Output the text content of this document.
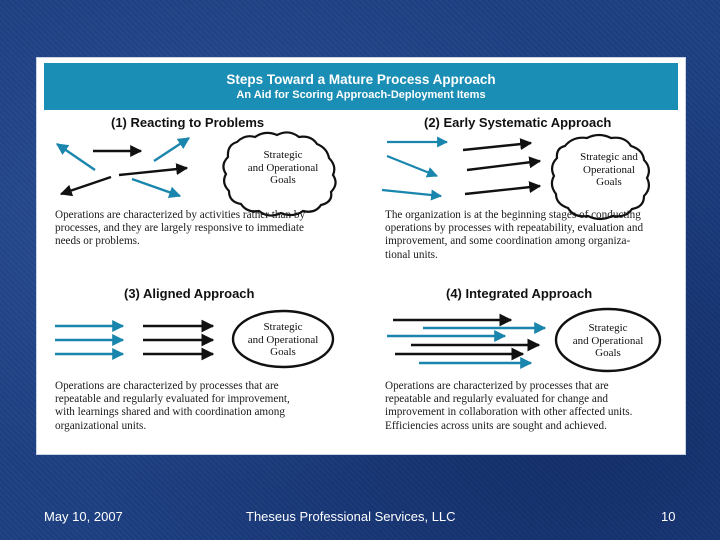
Steps Toward a Mature Process Approach
An Aid for Scoring Approach-Deployment Items
(1) Reacting to Problems
Strategic
and Operational
Goals
Operations are characterized by activities rather than by
processes, and they are largely responsive to immediate
needs or problems.
(2) Early Systematic Approach
Strategic and
Operational
Goals
The organization is at the beginning stages of conducting
operations by processes with repeatability, evaluation and
improvement, and some coordination among organiza-
tional units.
(3) Aligned Approach
Strategic
and Operational
Goals
Operations are characterized by processes that are
repeatable and regularly evaluated for improvement,
with learnings shared and with coordination among
organizational units.
(4) Integrated Approach
Strategic
and Operational
Goals
Operations are characterized by processes that are
repeatable and regularly evaluated for change and
improvement in collaboration with other affected units.
Efficiencies across units are sought and achieved.
May 10, 2007	Theseus Professional Services, LLC	10
